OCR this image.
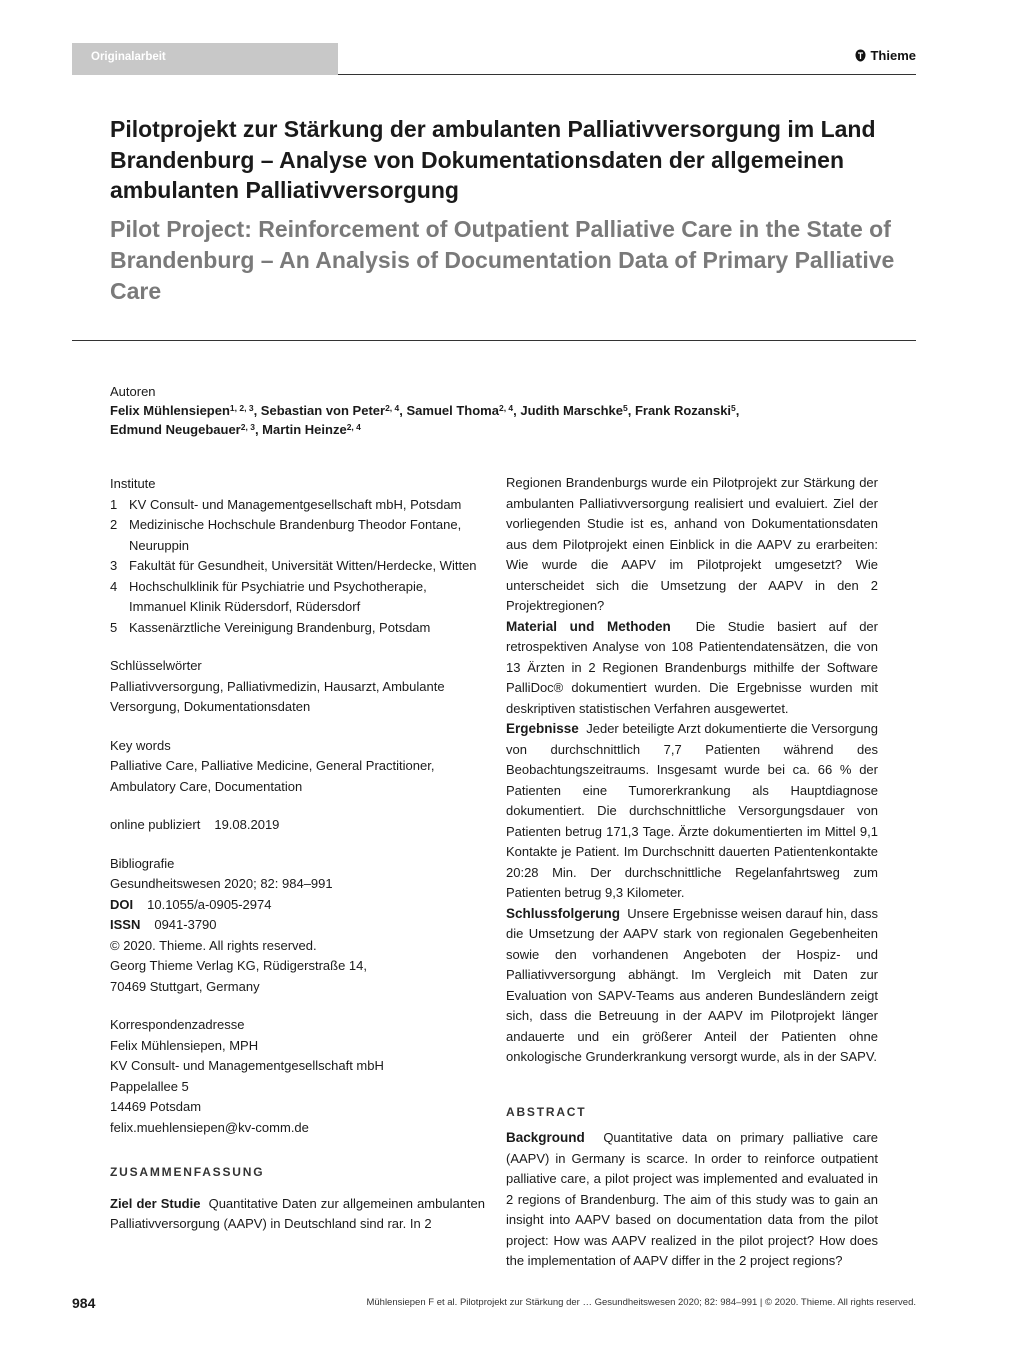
Originalarbeit	Thieme
Pilotprojekt zur Stärkung der ambulanten Palliativversorgung im Land Brandenburg – Analyse von Dokumentationsdaten der allgemeinen ambulanten Palliativversorgung
Pilot Project: Reinforcement of Outpatient Palliative Care in the State of Brandenburg – An Analysis of Documentation Data of Primary Palliative Care
Autoren
Felix Mühlensiepen$^{1, 2, 3}$, Sebastian von Peter$^{2, 4}$, Samuel Thoma$^{2, 4}$, Judith Marschke$^5$, Frank Rozanski$^5$,
Edmund Neugebauer$^{2, 3}$, Martin Heinze$^{2, 4}$
Institute
1 KV Consult- und Managementgesellschaft mbH, Potsdam
2 Medizinische Hochschule Brandenburg Theodor Fontane, Neuruppin
3 Fakultät für Gesundheit, Universität Witten/Herdecke, Witten
4 Hochschulklinik für Psychiatrie und Psychotherapie, Immanuel Klinik Rüdersdorf, Rüdersdorf
5 Kassenärztliche Vereinigung Brandenburg, Potsdam
Schlüsselwörter
Palliativversorgung, Palliativmedizin, Hausarzt, Ambulante Versorgung, Dokumentationsdaten
Key words
Palliative Care, Palliative Medicine, General Practitioner, Ambulatory Care, Documentation
online publiziert 19.08.2019
Bibliografie
Gesundheitswesen 2020; 82: 984–991
DOI 10.1055/a-0905-2974
ISSN 0941-3790
© 2020. Thieme. All rights reserved.
Georg Thieme Verlag KG, Rüdigerstraße 14,
70469 Stuttgart, Germany
Korrespondenzadresse
Felix Mühlensiepen, MPH
KV Consult- und Managementgesellschaft mbH
Pappelallee 5
14469 Potsdam
felix.muehlensiepen@kv-comm.de
ZUSAMMENFASSUNG

Ziel der Studie Quantitative Daten zur allgemeinen ambulanten Palliativversorgung (AAPV) in Deutschland sind rar. In 2

Regionen Brandenburgs wurde ein Pilotprojekt zur Stärkung der ambulanten Palliativversorgung realisiert und evaluiert. Ziel der vorliegenden Studie ist es, anhand von Dokumentationsdaten aus dem Pilotprojekt einen Einblick in die AAPV zu erarbeiten: Wie wurde die AAPV im Pilotprojekt umgesetzt? Wie unterscheidet sich die Umsetzung der AAPV in den 2 Projektregionen?

Material und Methoden Die Studie basiert auf der retrospektiven Analyse von 108 Patientendatensätzen, die von 13 Ärzten in 2 Regionen Brandenburgs mithilfe der Software PalliDoc® dokumentiert wurden. Die Ergebnisse wurden mit deskriptiven statistischen Verfahren ausgewertet.

Ergebnisse Jeder beteiligte Arzt dokumentierte die Versorgung von durchschnittlich 7,7 Patienten während des Beobachtungszeitraums. Insgesamt wurde bei ca. 66 % der Patienten eine Tumorerkrankung als Hauptdiagnose dokumentiert. Die durchschnittliche Versorgungsdauer von Patienten betrug 171,3 Tage. Ärzte dokumentierten im Mittel 9,1 Kontakte je Patient. Im Durchschnitt dauerten Patientenkontakte 20:28 Min. Der durchschnittliche Regelanfahrtsweg zum Patienten betrug 9,3 Kilometer.

Schlussfolgerung Unsere Ergebnisse weisen darauf hin, dass die Umsetzung der AAPV stark von regionalen Gegebenheiten sowie den vorhandenen Angeboten der Hospiz- und Palliativversorgung abhängt. Im Vergleich mit Daten zur Evaluation von SAPV-Teams aus anderen Bundesländern zeigt sich, dass die Betreuung in der AAPV im Pilotprojekt länger andauerte und ein größerer Anteil der Patienten ohne onkologische Grunderkrankung versorgt wurde, als in der SAPV.

ABSTRACT

Background Quantitative data on primary palliative care (AAPV) in Germany is scarce. In order to reinforce outpatient palliative care, a pilot project was implemented and evaluated in 2 regions of Brandenburg. The aim of this study was to gain an insight into AAPV based on documentation data from the pilot project: How was AAPV realized in the pilot project? How does the implementation of AAPV differ in the 2 project regions?

984	Mühlensiepen F et al. Pilotprojekt zur Stärkung der … Gesundheitswesen 2020; 82: 984–991 | © 2020. Thieme. All rights reserved.
